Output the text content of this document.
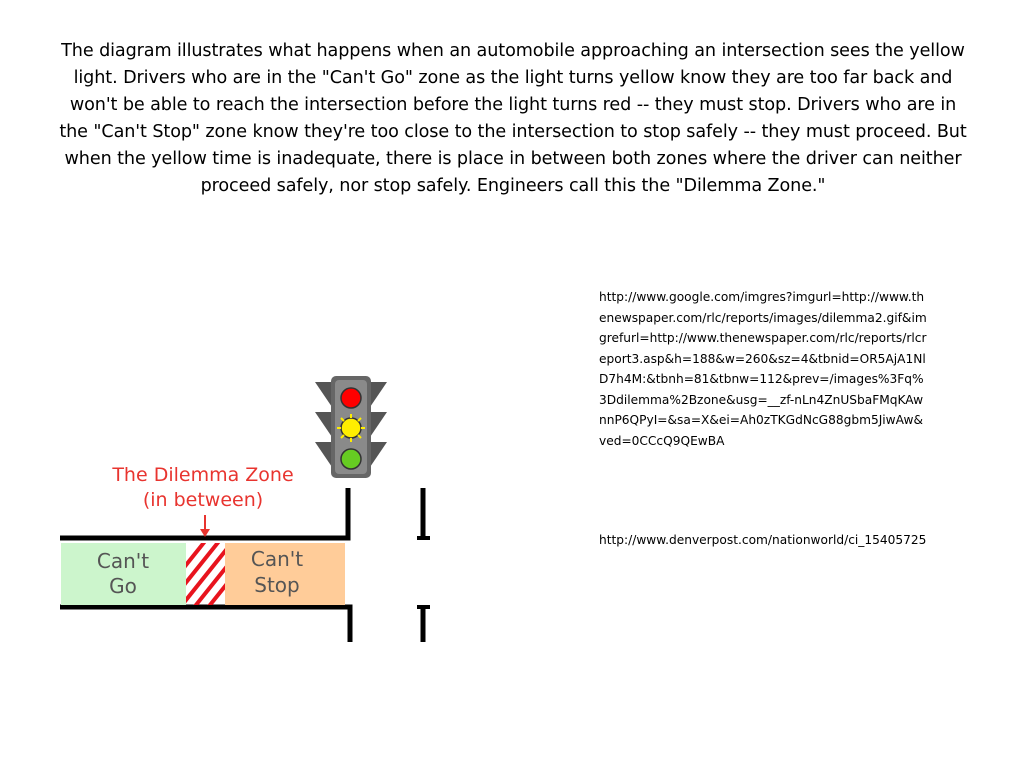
The diagram illustrates what happens when an automobile approaching an intersection sees the yellow light. Drivers who are in the "Can't Go" zone as the light turns yellow know they are too far back and won't be able to reach the intersection before the light turns red -- they must stop. Drivers who are in the "Can't Stop" zone know they're too close to the intersection to stop safely -- they must proceed. But when the yellow time is inadequate, there is place in between both zones where the driver can neither proceed safely, nor stop safely. Engineers call this the "Dilemma Zone."
http://www.google.com/imgres?imgurl=http://www.thenewspaper.com/rlc/reports/images/dilemma2.gif&imgrefurl=http://www.thenewspaper.com/rlc/reports/rlcreport3.asp&h=188&w=260&sz=4&tbnid=OR5AjA1NlD7h4M:&tbnh=81&tbnw=112&prev=/images%3Fq%3Ddilemma%2Bzone&usg=__zf-nLn4ZnUSbaFMqKAwnnP6QPyI=&sa=X&ei=Ah0zTKGdNcG88gbm5JiwAw&ved=0CCcQ9QEwBA
http://www.denverpost.com/nationworld/ci_15405725
Can't
Go
Can't
Stop
The Dilemma Zone
(in between)
